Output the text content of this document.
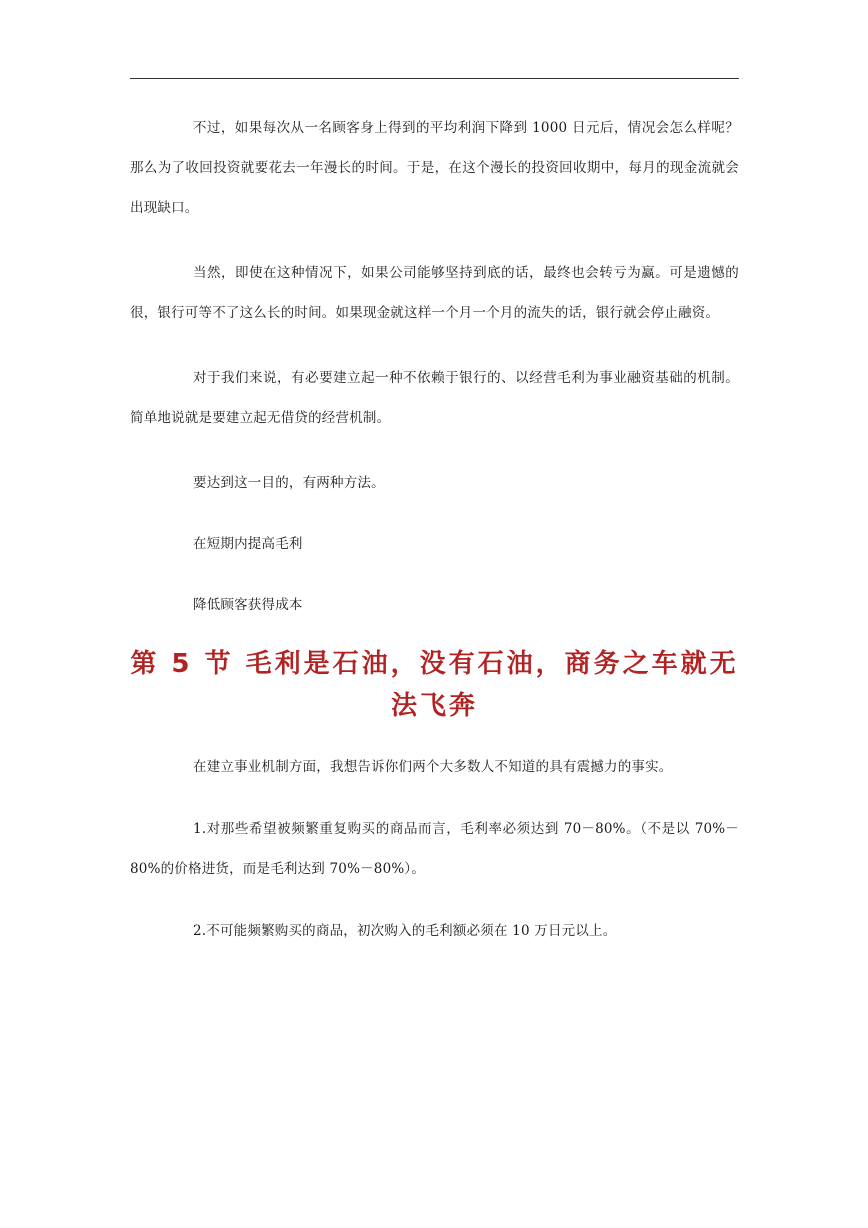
不过，如果每次从一名顾客身上得到的平均利润下降到 1000 日元后，情况会怎么样呢？那么为了收回投资就要花去一年漫长的时间。于是，在这个漫长的投资回收期中，每月的现金流就会出现缺口。

当然，即使在这种情况下，如果公司能够坚持到底的话，最终也会转亏为赢。可是遗憾的很，银行可等不了这么长的时间。如果现金就这样一个月一个月的流失的话，银行就会停止融资。

对于我们来说，有必要建立起一种不依赖于银行的、以经营毛利为事业融资基础的机制。简单地说就是要建立起无借贷的经营机制。

要达到这一目的，有两种方法。

在短期内提高毛利

降低顾客获得成本

第 5 节 毛利是石油，没有石油，商务之车就无法飞奔

在建立事业机制方面，我想告诉你们两个大多数人不知道的具有震撼力的事实。

1.对那些希望被频繁重复购买的商品而言，毛利率必须达到 70－80%。（不是以 70%－80%的价格进货，而是毛利达到 70%－80%）。

2.不可能频繁购买的商品，初次购入的毛利额必须在 10 万日元以上。
